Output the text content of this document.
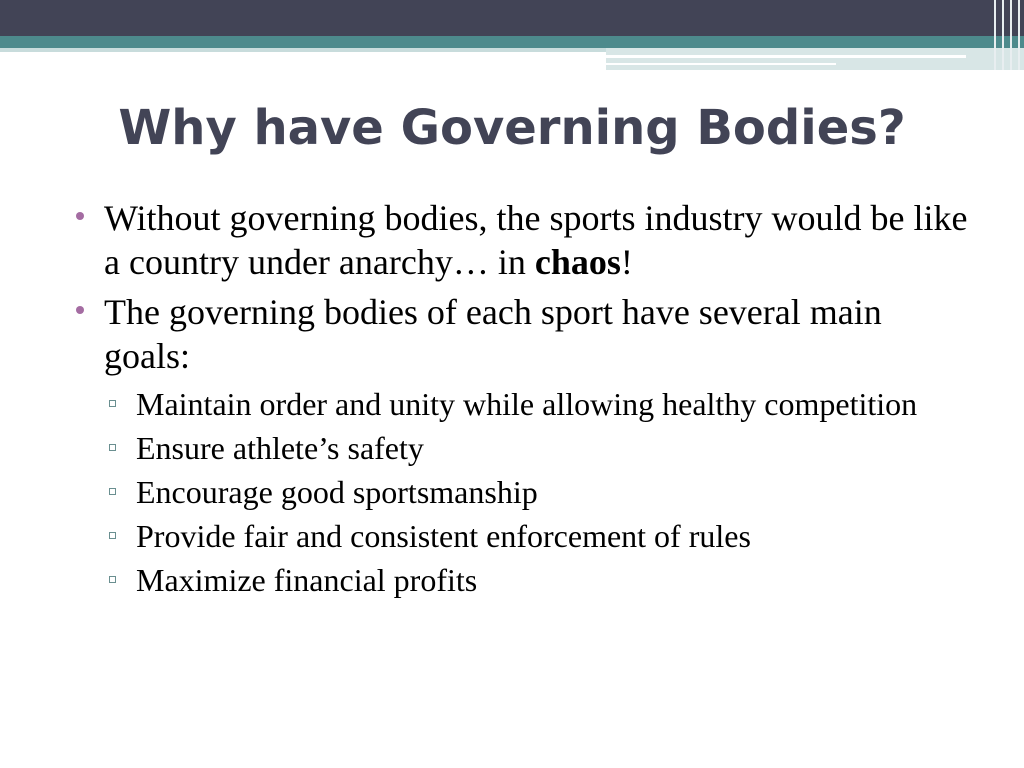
Why have Governing Bodies?
Without governing bodies, the sports industry would be like a country under anarchy… in chaos!
The governing bodies of each sport have several main goals:
Maintain order and unity while allowing healthy competition
Ensure athlete’s safety
Encourage good sportsmanship
Provide fair and consistent enforcement of rules
Maximize financial profits
